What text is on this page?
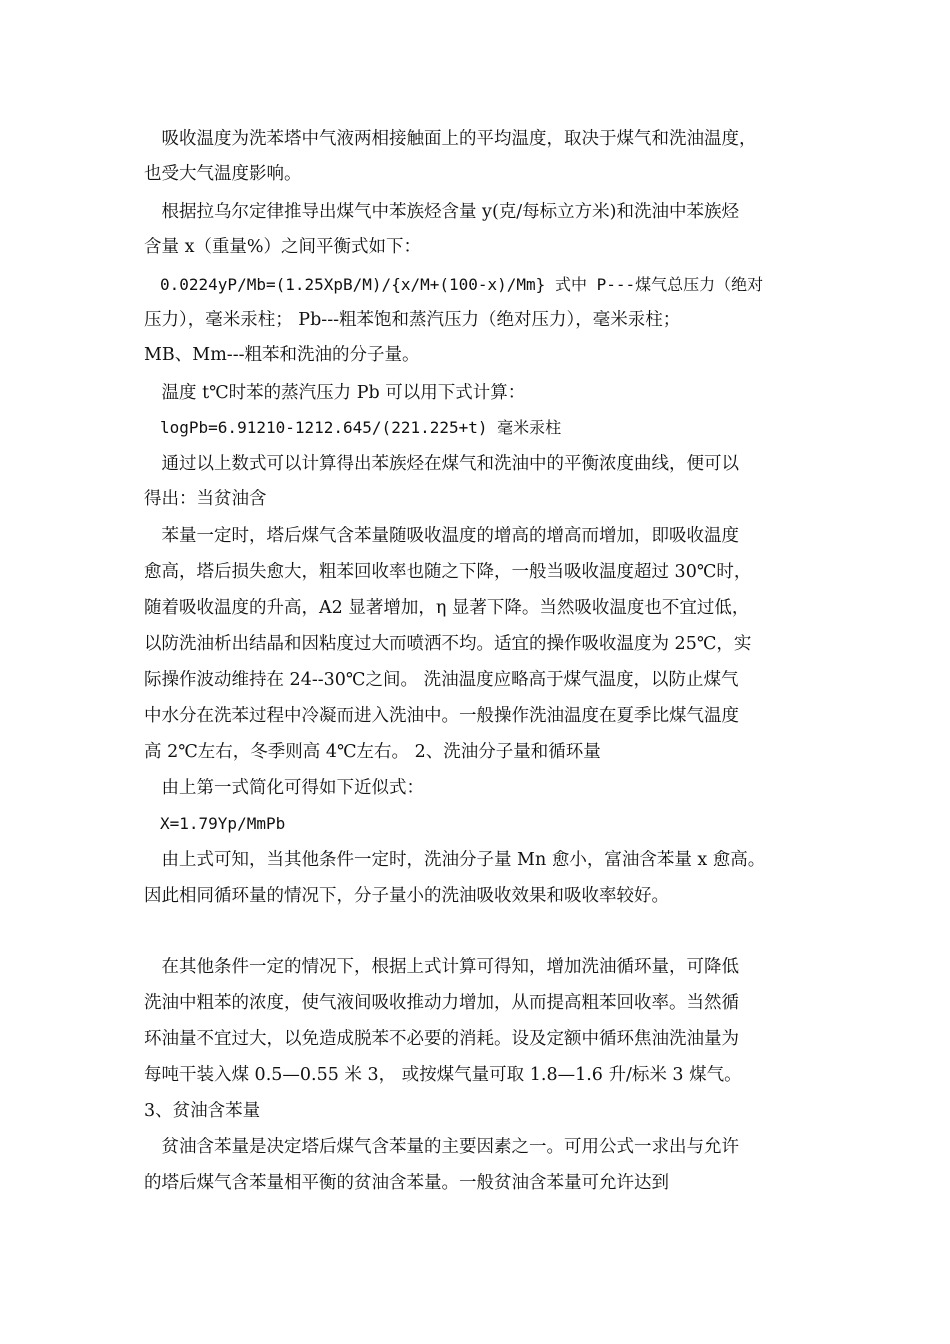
　吸收温度为洗苯塔中气液两相接触面上的平均温度，取决于煤气和洗油温度，
也受大气温度影响。
　根据拉乌尔定律推导出煤气中苯族烃含量 y(克/每标立方米)和洗油中苯族烃
含量 x（重量%）之间平衡式如下：
　0.0224yP/Mb=(1.25XpB/M)/{x/M+(100-x)/Mm} 式中 P---煤气总压力（绝对
压力），毫米汞柱； Pb---粗苯饱和蒸汽压力（绝对压力），毫米汞柱；
MB、Mm---粗苯和洗油的分子量。
　温度 t℃时苯的蒸汽压力 Pb 可以用下式计算：
　logPb=6.91210-1212.645/(221.225+t) 毫米汞柱
　通过以上数式可以计算得出苯族烃在煤气和洗油中的平衡浓度曲线，便可以
得出：当贫油含
　苯量一定时，塔后煤气含苯量随吸收温度的增高的增高而增加，即吸收温度
愈高，塔后损失愈大，粗苯回收率也随之下降，一般当吸收温度超过 30℃时，
随着吸收温度的升高，A2 显著增加，η 显著下降。当然吸收温度也不宜过低，
以防洗油析出结晶和因粘度过大而喷洒不均。适宜的操作吸收温度为 25℃，实
际操作波动维持在 24--30℃之间。 洗油温度应略高于煤气温度，以防止煤气
中水分在洗苯过程中冷凝而进入洗油中。一般操作洗油温度在夏季比煤气温度
高 2℃左右，冬季则高 4℃左右。 2、洗油分子量和循环量
　由上第一式简化可得如下近似式：
　X=1.79Yp/MmPb
　由上式可知，当其他条件一定时，洗油分子量 Mn 愈小，富油含苯量 x 愈高。
因此相同循环量的情况下，分子量小的洗油吸收效果和吸收率较好。
　在其他条件一定的情况下，根据上式计算可得知，增加洗油循环量，可降低
洗油中粗苯的浓度，使气液间吸收推动力增加，从而提高粗苯回收率。当然循
环油量不宜过大，以免造成脱苯不必要的消耗。设及定额中循环焦油洗油量为
每吨干装入煤 0.5—0.55 米 3， 或按煤气量可取 1.8—1.6 升/标米 3 煤气。
3、贫油含苯量
　贫油含苯量是决定塔后煤气含苯量的主要因素之一。可用公式一求出与允许
的塔后煤气含苯量相平衡的贫油含苯量。一般贫油含苯量可允许达到
